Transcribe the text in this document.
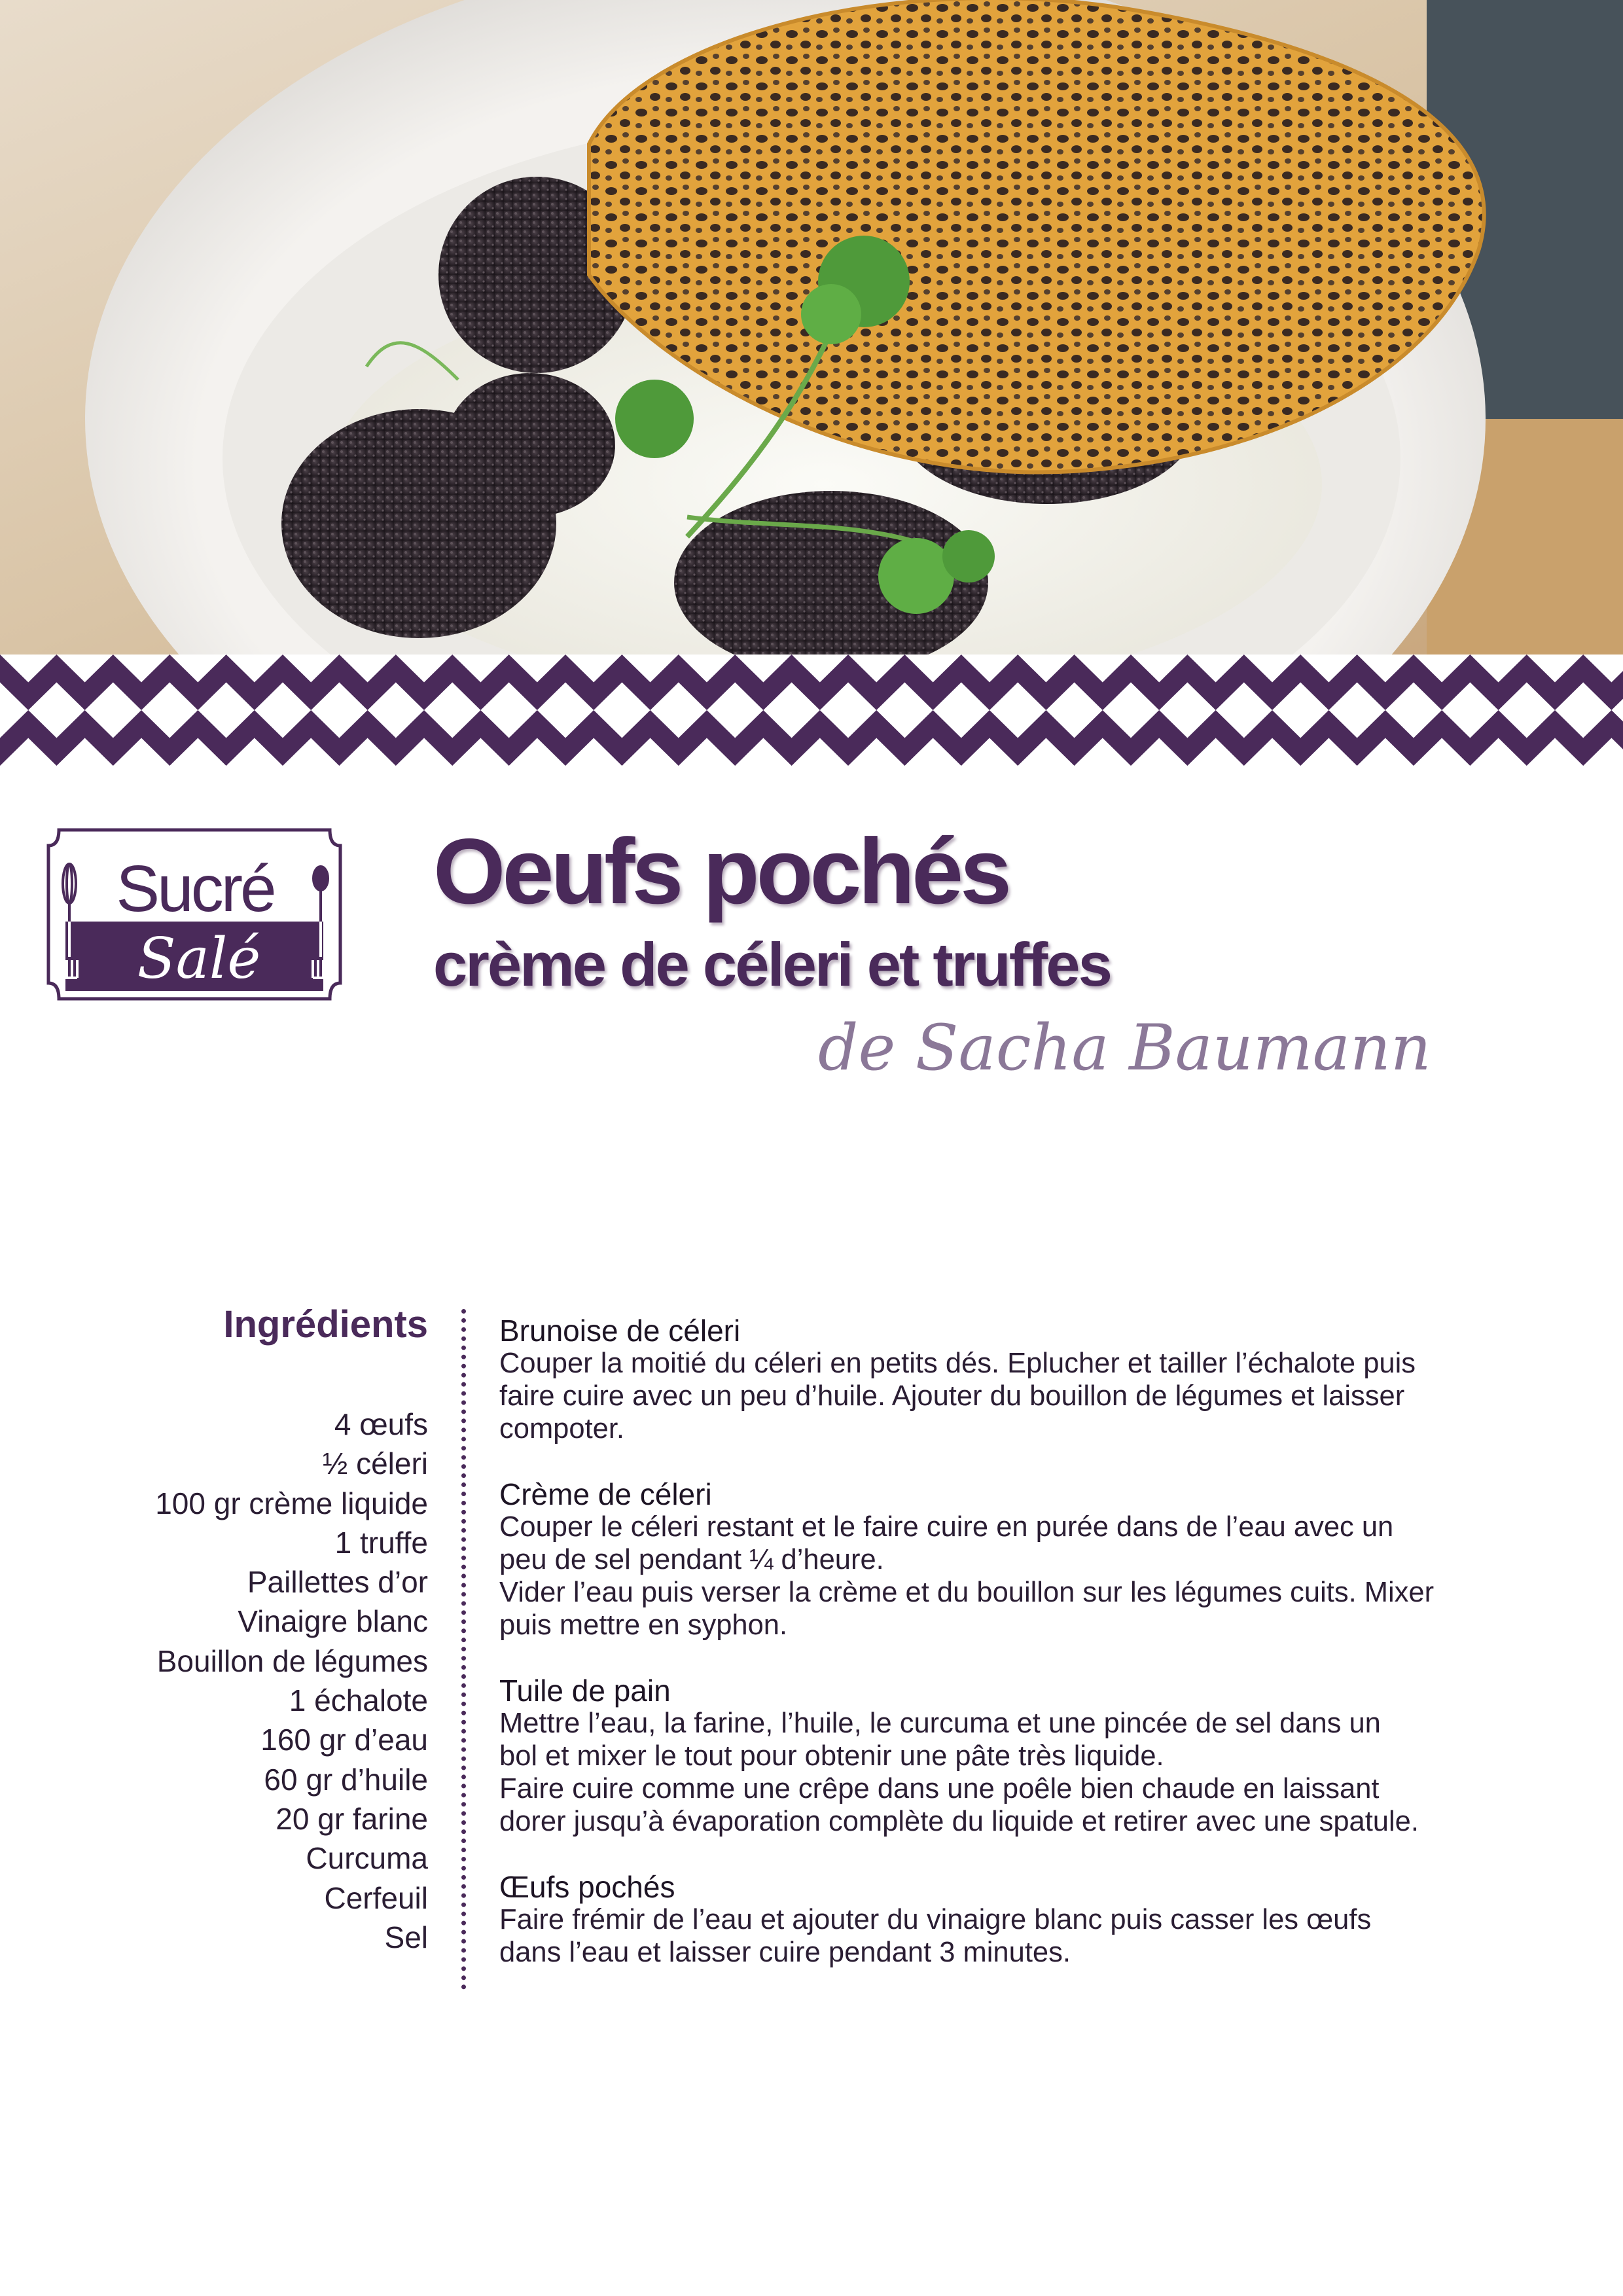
Sucré
Salé
Oeufs pochés
crème de céleri et truffes

de Sacha Baumann

Ingrédients
4 œufs
½ céleri
100 gr crème liquide
1 truffe
Paillettes d’or
Vinaigre blanc
Bouillon de légumes
1 échalote
160 gr d’eau
60 gr d’huile
20 gr farine
Curcuma
Cerfeuil
Sel
Brunoise de céleri

Couper la moitié du céleri en petits dés. Eplucher et tailler l’échalote puis

faire cuire avec un peu d’huile. Ajouter du bouillon de légumes et laisser

compoter.

Crème de céleri

Couper le céleri restant et le faire cuire en purée dans de l’eau avec un

peu de sel pendant ¼ d’heure.

Vider l’eau puis verser la crème et du bouillon sur les légumes cuits. Mixer

puis mettre en syphon.

Tuile de pain

Mettre l’eau, la farine, l’huile, le curcuma et une pincée de sel dans un

bol et mixer le tout pour obtenir une pâte très liquide.

Faire cuire comme une crêpe dans une poêle bien chaude en laissant

dorer jusqu’à évaporation complète du liquide et retirer avec une spatule.

Œufs pochés

Faire frémir de l’eau et ajouter du vinaigre blanc puis casser les œufs

dans l’eau et laisser cuire pendant 3 minutes.
